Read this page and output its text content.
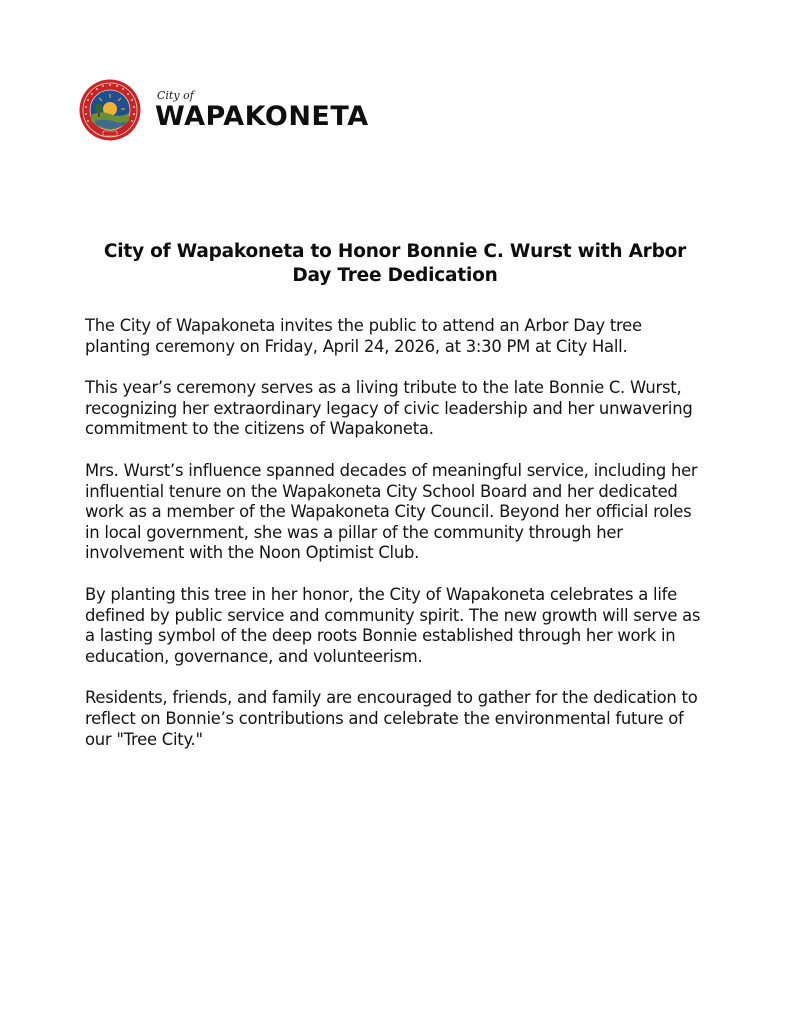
City of
WAPAKONETA
City of Wapakoneta to Honor Bonnie C. Wurst with Arbor Day Tree Dedication

The City of Wapakoneta invites the public to attend an Arbor Day tree planting ceremony on Friday, April 24, 2026, at 3:30 PM at City Hall.

This year’s ceremony serves as a living tribute to the late Bonnie C. Wurst, recognizing her extraordinary legacy of civic leadership and her unwavering commitment to the citizens of Wapakoneta.

Mrs. Wurst’s influence spanned decades of meaningful service, including her influential tenure on the Wapakoneta City School Board and her dedicated work as a member of the Wapakoneta City Council. Beyond her official roles in local government, she was a pillar of the community through her involvement with the Noon Optimist Club.

By planting this tree in her honor, the City of Wapakoneta celebrates a life defined by public service and community spirit. The new growth will serve as a lasting symbol of the deep roots Bonnie established through her work in education, governance, and volunteerism.

Residents, friends, and family are encouraged to gather for the dedication to reflect on Bonnie’s contributions and celebrate the environmental future of our "Tree City."
